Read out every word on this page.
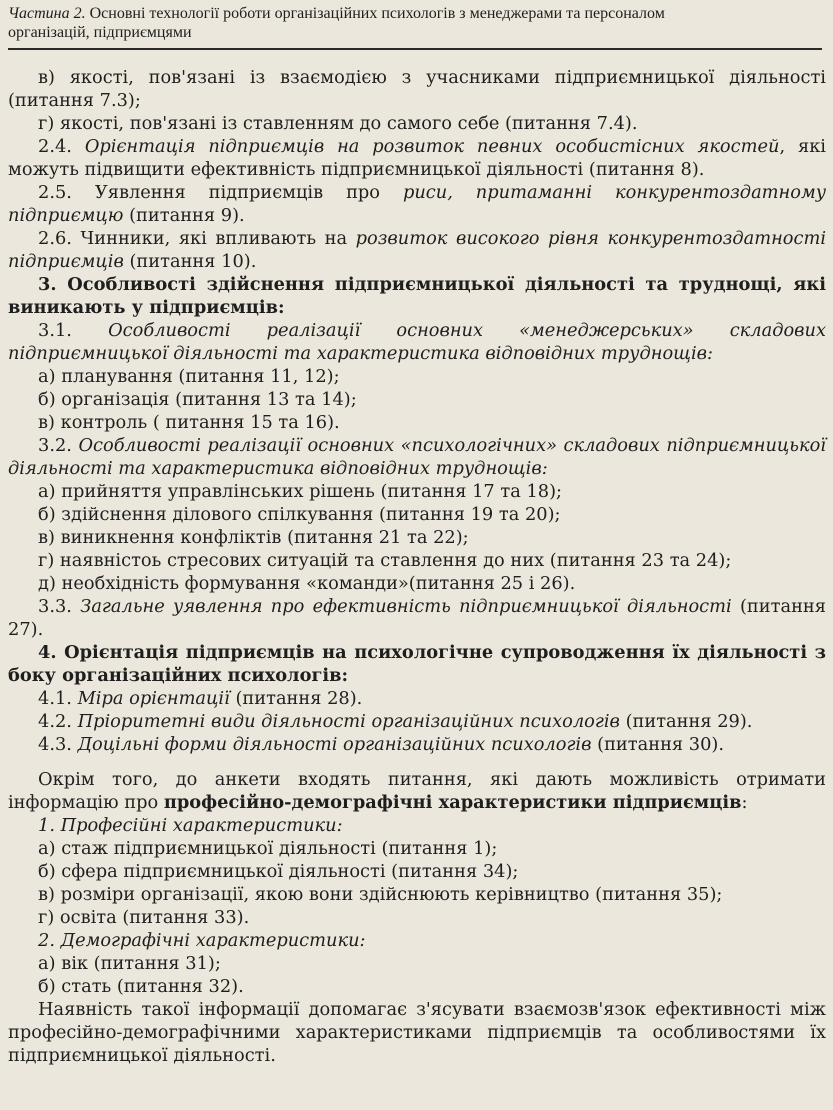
Частина 2. Основні технології роботи організаційних психологів з менеджерами та персоналом
організацій, підприємцями

в) якості, пов'язані із взаємодією з учасниками підприємницької діяльності (питання 7.3);

г) якості, пов'язані із ставленням до самого себе (питання 7.4).

2.4. Орієнтація підприємців на розвиток певних особистісних якостей, які можуть підвищити ефективність підприємницької діяльності (питання 8).

2.5. Уявлення підприємців про риси, притаманні конкурентоздатному підприємцю (питання 9).

2.6. Чинники, які впливають на розвиток високого рівня конкурентоздатності підприємців (питання 10).

3. Особливості здійснення підприємницької діяльності та труднощі, які виникають у підприємців:

3.1. Особливості реалізації основних «менеджерських» складових підприємницької діяльності та характеристика відповідних труднощів:

а) планування (питання 11, 12);

б) організація (питання 13 та 14);

в) контроль ( питання 15 та 16).

3.2. Особливості реалізації основних «психологічних» складових підприємницької діяльності та характеристика відповідних труднощів:

а) прийняття управлінських рішень (питання 17 та 18);

б) здійснення ділового спілкування (питання 19 та 20);

в) виникнення конфліктів (питання 21 та 22);

г) наявністоь стресових ситуацій та ставлення до них (питання 23 та 24);

д) необхідність формування «команди»(питання 25 і 26).

3.3. Загальне уявлення про ефективність підприємницької діяльності (питання 27).

4. Орієнтація підприємців на психологічне супроводження їх діяльності з боку організаційних психологів:

4.1. Міра орієнтації (питання 28).

4.2. Пріоритетні види діяльності організаційних психологів (питання 29).

4.3. Доцільні форми діяльності організаційних психологів (питання 30).

Окрім того, до анкети входять питання, які дають можливість отримати інформацію про професійно-демографічні характеристики підприємців:

1. Професійні характеристики:

а) стаж підприємницької діяльності (питання 1);

б) сфера підприємницької діяльності (питання 34);

в) розміри організації, якою вони здійснюють керівництво (питання 35);

г) освіта (питання 33).

2. Демографічні характеристики:

а) вік (питання 31);

б) стать (питання 32).

Наявність такої інформації допомагає з'ясувати взаємозв'язок ефективності між професійно-демографічними характеристиками підприємців та особливостями їх підприємницької діяльності.
